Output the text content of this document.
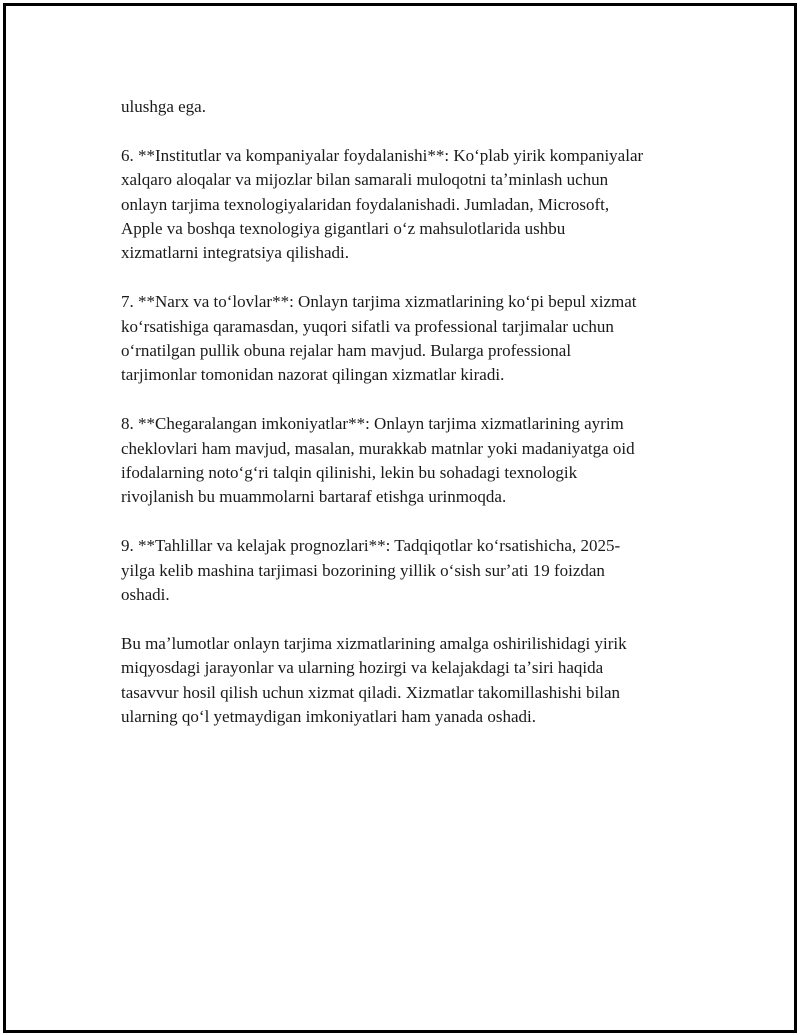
ulushga ega.

6. **Institutlar va kompaniyalar foydalanishi**: Koʻplab yirik kompaniyalar
xalqaro aloqalar va mijozlar bilan samarali muloqotni taʼminlash uchun
onlayn tarjima texnologiyalaridan foydalanishadi. Jumladan, Microsoft,
Apple va boshqa texnologiya gigantlari oʻz mahsulotlarida ushbu
xizmatlarni integratsiya qilishadi.

7. **Narx va toʻlovlar**: Onlayn tarjima xizmatlarining koʻpi bepul xizmat
koʻrsatishiga qaramasdan, yuqori sifatli va professional tarjimalar uchun
oʻrnatilgan pullik obuna rejalar ham mavjud. Bularga professional
tarjimonlar tomonidan nazorat qilingan xizmatlar kiradi.

8. **Chegaralangan imkoniyatlar**: Onlayn tarjima xizmatlarining ayrim
cheklovlari ham mavjud, masalan, murakkab matnlar yoki madaniyatga oid
ifodalarning notoʻgʻri talqin qilinishi, lekin bu sohadagi texnologik
rivojlanish bu muammolarni bartaraf etishga urinmoqda.

9. **Tahlillar va kelajak prognozlari**: Tadqiqotlar koʻrsatishicha, 2025-
yilga kelib mashina tarjimasi bozorining yillik oʻsish surʼati 19 foizdan
oshadi.

Bu maʼlumotlar onlayn tarjima xizmatlarining amalga oshirilishidagi yirik
miqyosdagi jarayonlar va ularning hozirgi va kelajakdagi taʼsiri haqida
tasavvur hosil qilish uchun xizmat qiladi. Xizmatlar takomillashishi bilan
ularning qoʻl yetmaydigan imkoniyatlari ham yanada oshadi.
